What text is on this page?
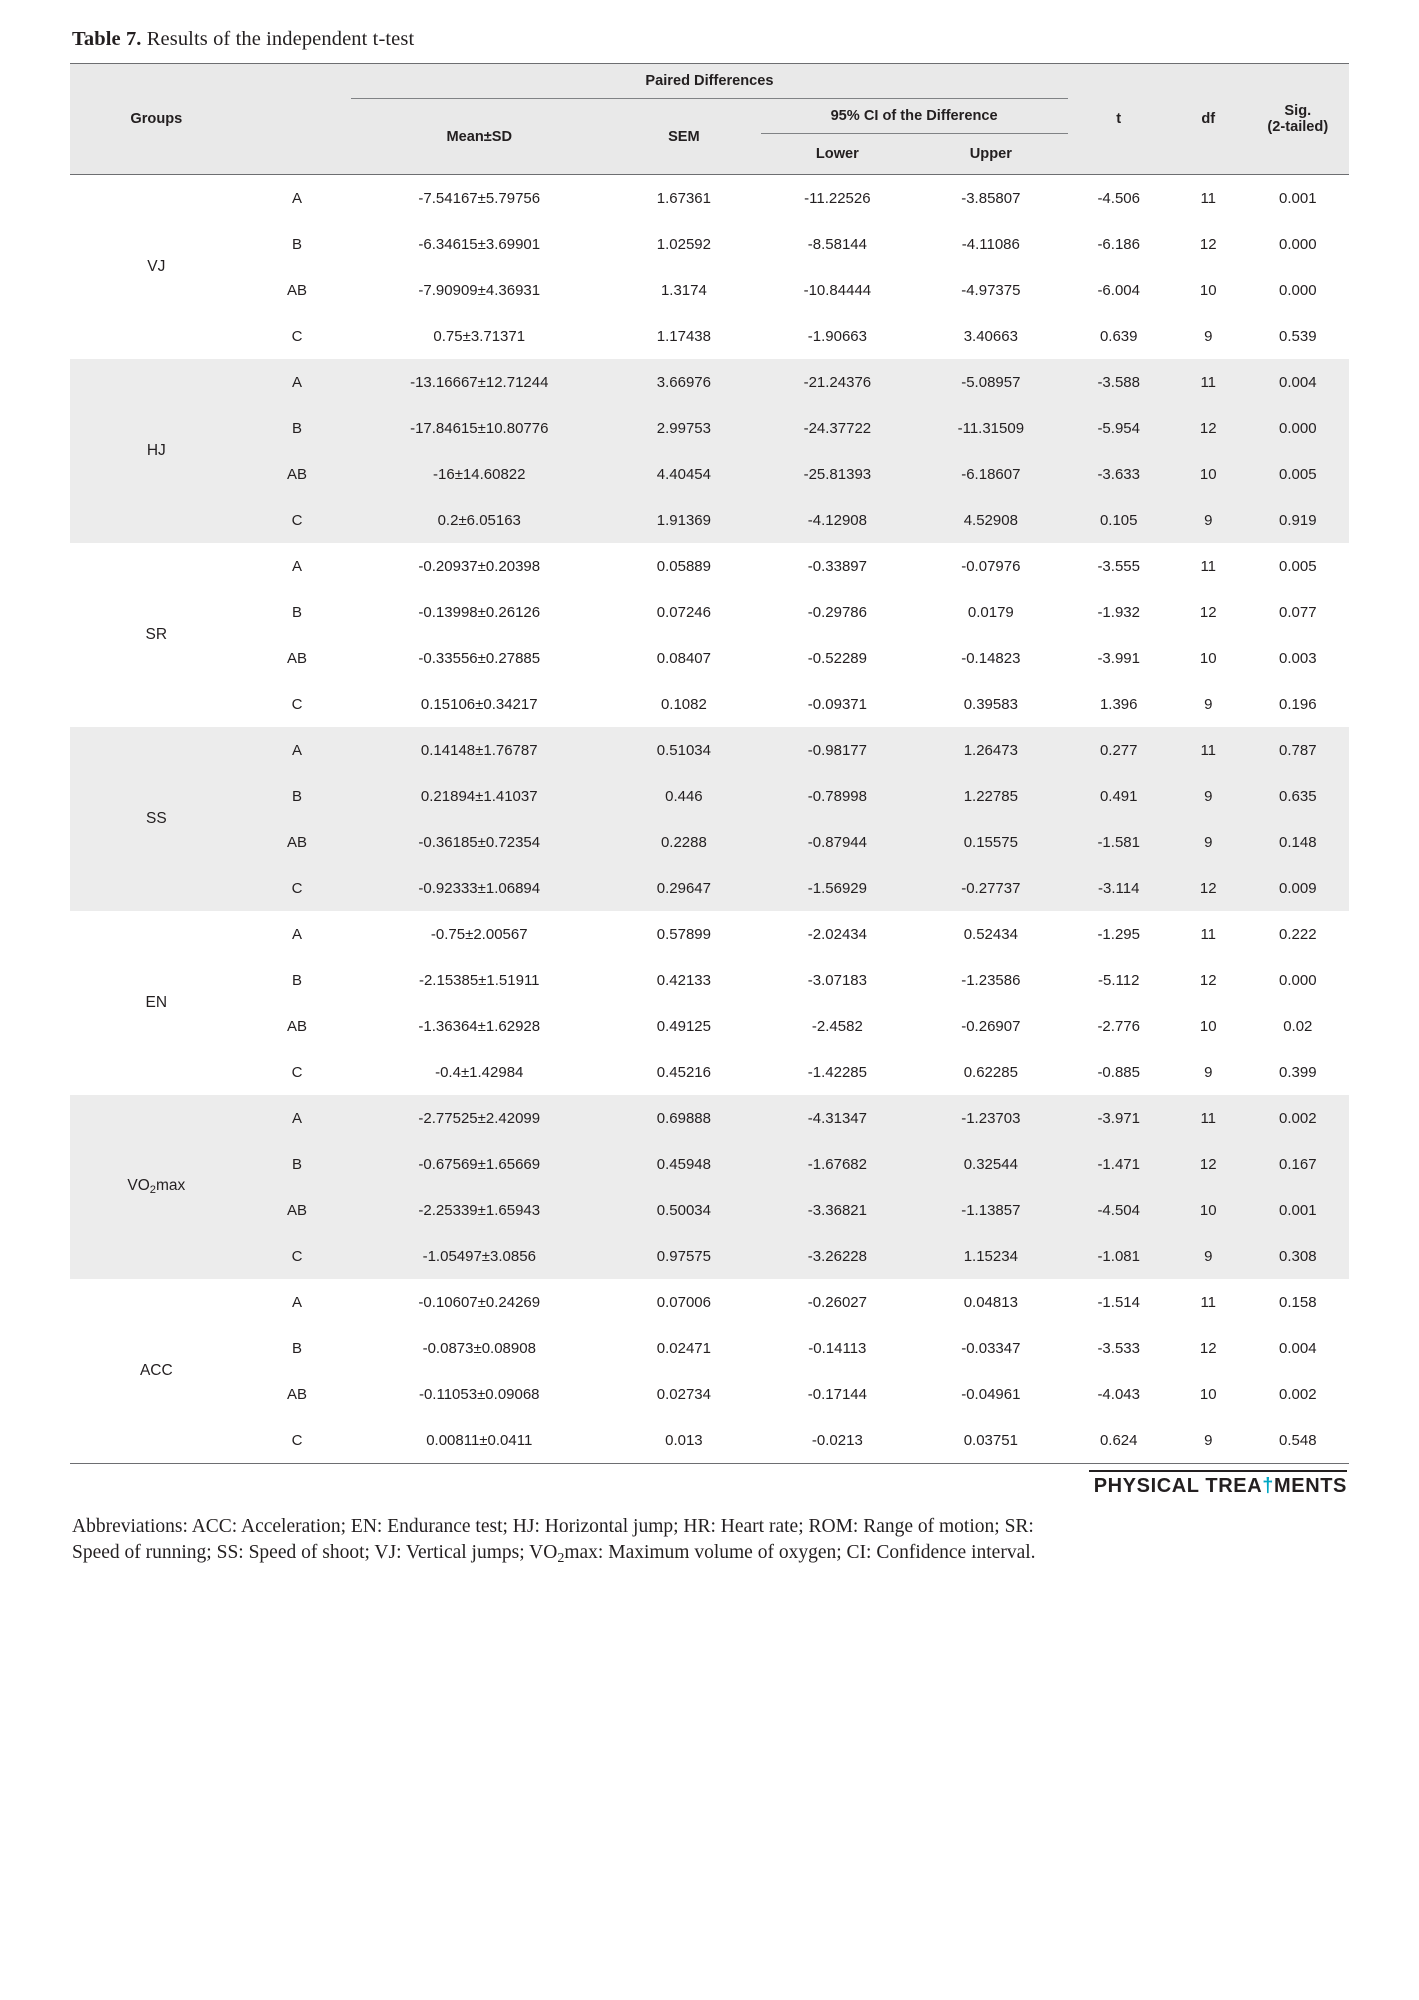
Table 7. Results of the independent t-test
Groups		Paired Differences				t	df	Sig.
(2-tailed)

		Mean±SD	SEM	95% CI of the Difference				
				Lower	Upper			

VJ	A	-7.54167±5.79756	1.67361	-11.22526	-3.85807	-4.506	11	0.001
	B	-6.34615±3.69901	1.02592	-8.58144	-4.11086	-6.186	12	0.000
	AB	-7.90909±4.36931	1.3174	-10.84444	-4.97375	-6.004	10	0.000
	C	0.75±3.71371	1.17438	-1.90663	3.40663	0.639	9	0.539
HJ	A	-13.16667±12.71244	3.66976	-21.24376	-5.08957	-3.588	11	0.004
	B	-17.84615±10.80776	2.99753	-24.37722	-11.31509	-5.954	12	0.000
	AB	-16±14.60822	4.40454	-25.81393	-6.18607	-3.633	10	0.005
	C	0.2±6.05163	1.91369	-4.12908	4.52908	0.105	9	0.919
SR	A	-0.20937±0.20398	0.05889	-0.33897	-0.07976	-3.555	11	0.005
	B	-0.13998±0.26126	0.07246	-0.29786	0.0179	-1.932	12	0.077
	AB	-0.33556±0.27885	0.08407	-0.52289	-0.14823	-3.991	10	0.003
	C	0.15106±0.34217	0.1082	-0.09371	0.39583	1.396	9	0.196
SS	A	0.14148±1.76787	0.51034	-0.98177	1.26473	0.277	11	0.787
	B	0.21894±1.41037	0.446	-0.78998	1.22785	0.491	9	0.635
	AB	-0.36185±0.72354	0.2288	-0.87944	0.15575	-1.581	9	0.148
	C	-0.92333±1.06894	0.29647	-1.56929	-0.27737	-3.114	12	0.009
EN	A	-0.75±2.00567	0.57899	-2.02434	0.52434	-1.295	11	0.222
	B	-2.15385±1.51911	0.42133	-3.07183	-1.23586	-5.112	12	0.000
	AB	-1.36364±1.62928	0.49125	-2.4582	-0.26907	-2.776	10	0.02
	C	-0.4±1.42984	0.45216	-1.42285	0.62285	-0.885	9	0.399
$VO_2\max$	A	-2.77525±2.42099	0.69888	-4.31347	-1.23703	-3.971	11	0.002
	B	-0.67569±1.65669	0.45948	-1.67682	0.32544	-1.471	12	0.167
	AB	-2.25339±1.65943	0.50034	-3.36821	-1.13857	-4.504	10	0.001
	C	-1.05497±3.0856	0.97575	-3.26228	1.15234	-1.081	9	0.308
ACC	A	-0.10607±0.24269	0.07006	-0.26027	0.04813	-1.514	11	0.158
	B	-0.0873±0.08908	0.02471	-0.14113	-0.03347	-3.533	12	0.004
	AB	-0.11053±0.09068	0.02734	-0.17144	-0.04961	-4.043	10	0.002
	C	0.00811±0.0411	0.013	-0.0213	0.03751	0.624	9	0.548
PHYSICAL TREA†MENTS
Abbreviations: ACC: Acceleration; EN: Endurance test; HJ: Horizontal jump; HR: Heart rate; ROM: Range of motion; SR:
Speed of running; SS: Speed of shoot; VJ: Vertical jumps; $VO_2\max$: Maximum volume of oxygen; CI: Confidence interval.
